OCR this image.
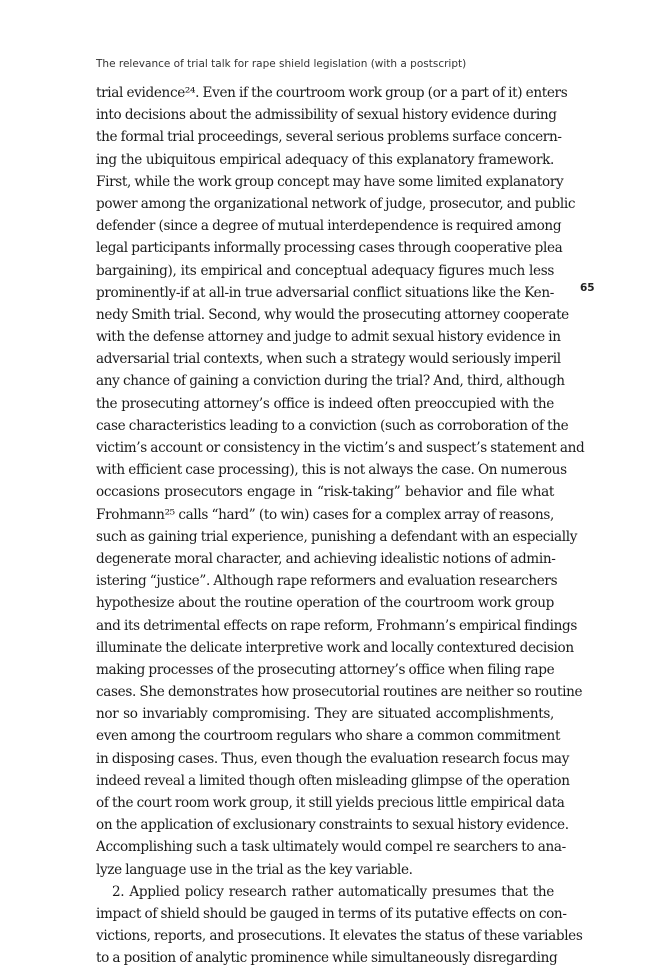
The relevance of trial talk for rape shield legislation (with a postscript)
65
trial evidence²⁴. Even if the courtroom work group (or a part of it) enters
into decisions about the admissibility of sexual history evidence during
the formal trial proceedings, several serious problems surface concern-
ing the ubiquitous empirical adequacy of this explanatory framework.
First, while the work group concept may have some limited explanatory
power among the organizational network of judge, prosecutor, and public
defender (since a degree of mutual interdependence is required among
legal participants informally processing cases through cooperative plea
bargaining), its empirical and conceptual adequacy figures much less
prominently-if at all-in true adversarial conflict situations like the Ken-
nedy Smith trial. Second, why would the prosecuting attorney cooperate
with the defense attorney and judge to admit sexual history evidence in
adversarial trial contexts, when such a strategy would seriously imperil
any chance of gaining a conviction during the trial? And, third, although
the prosecuting attorney’s office is indeed often preoccupied with the
case characteristics leading to a conviction (such as corroboration of the
victim’s account or consistency in the victim’s and suspect’s statement and
with efficient case processing), this is not always the case. On numerous
occasions prosecutors engage in “risk-taking” behavior and file what
Frohmann²⁵ calls “hard” (to win) cases for a complex array of reasons,
such as gaining trial experience, punishing a defendant with an especially
degenerate moral character, and achieving idealistic notions of admin-
istering “justice”. Although rape reformers and evaluation researchers
hypothesize about the routine operation of the courtroom work group
and its detrimental effects on rape reform, Frohmann’s empirical findings
illuminate the delicate interpretive work and locally contextured decision
making processes of the prosecuting attorney’s office when filing rape
cases. She demonstrates how prosecutorial routines are neither so routine
nor so invariably compromising. They are situated accomplishments,
even among the courtroom regulars who share a common commitment
in disposing cases. Thus, even though the evaluation research focus may
indeed reveal a limited though often misleading glimpse of the operation
of the court room work group, it still yields precious little empirical data
on the application of exclusionary constraints to sexual history evidence.
Accomplishing such a task ultimately would compel re searchers to ana-
lyze language use in the trial as the key variable.
2. Applied policy research rather automatically presumes that the
impact of shield should be gauged in terms of its putative effects on con-
victions, reports, and prosecutions. It elevates the status of these variables
to a position of analytic prominence while simultaneously disregarding
